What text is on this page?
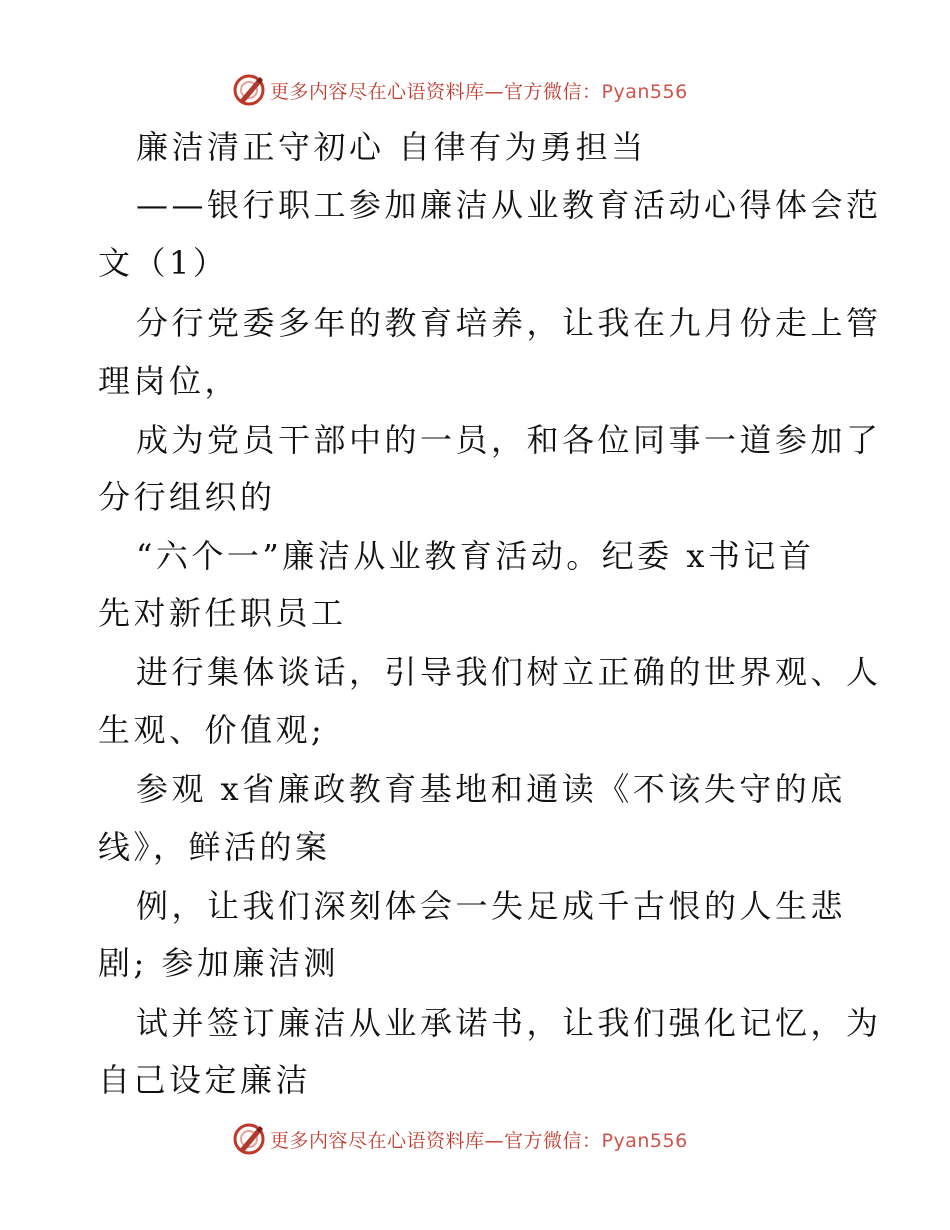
更多内容尽在心语资料库—官方微信：Pyan556
廉洁清正守初心 自律有为勇担当
——银行职工参加廉洁从业教育活动心得体会范
文（1）
分行党委多年的教育培养，让我在九月份走上管
理岗位，
成为党员干部中的一员，和各位同事一道参加了
分行组织的
“六个一”廉洁从业教育活动。纪委 x书记首
先对新任职员工
进行集体谈话，引导我们树立正确的世界观、人
生观、价值观;
参观 x省廉政教育基地和通读《不该失守的底
线》，鲜活的案
例，让我们深刻体会一失足成千古恨的人生悲
剧; 参加廉洁测
试并签订廉洁从业承诺书，让我们强化记忆，为
自己设定廉洁
更多内容尽在心语资料库—官方微信：Pyan556
